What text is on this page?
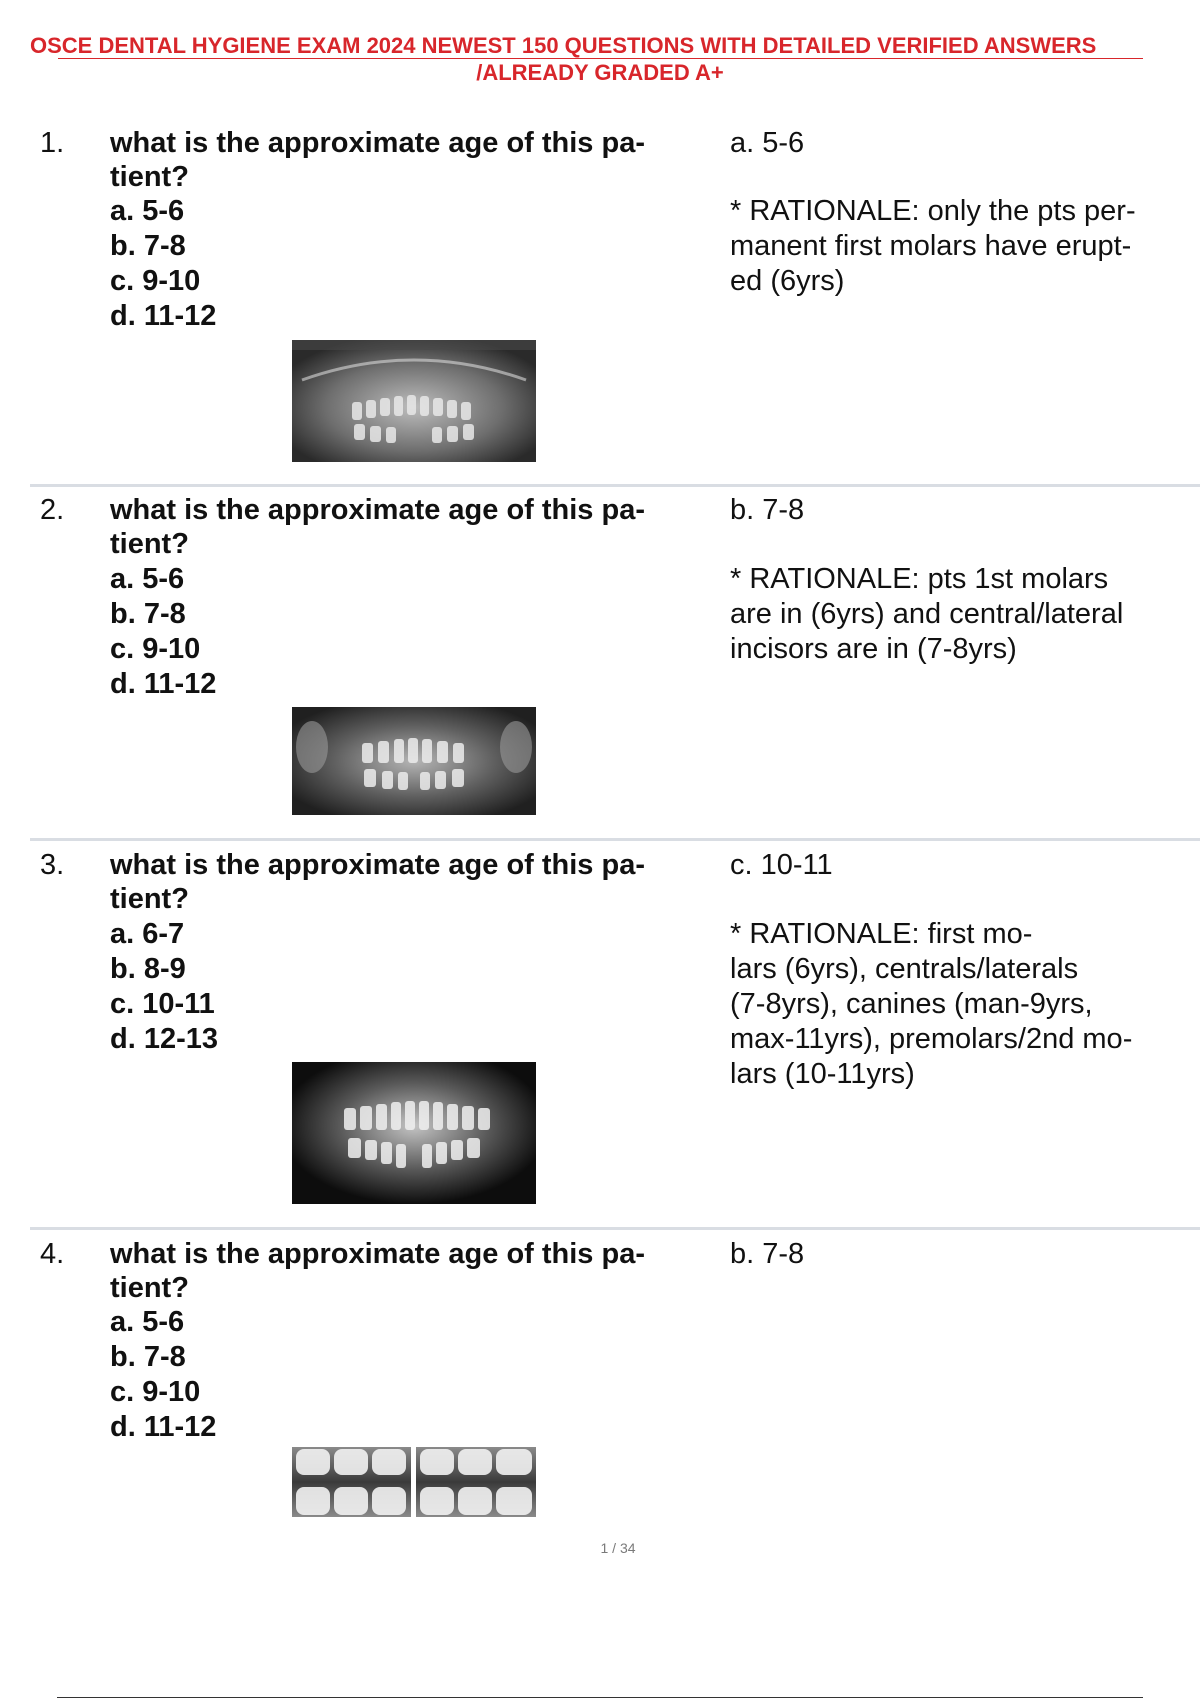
OSCE DENTAL HYGIENE EXAM 2024 NEWEST 150 QUESTIONS WITH DETAILED VERIFIED ANSWERS
/ALREADY GRADED A+
1. what is the approximate age of this pa-
tient?

a. 5-6
b. 7-8
c. 9-10
d. 11-12
a. 5-6

* RATIONALE: only the pts per-
manent first molars have erupt-
ed (6yrs)

2. what is the approximate age of this pa-
tient?

a. 5-6
b. 7-8
c. 9-10
d. 11-12
b. 7-8

* RATIONALE: pts 1st molars
are in (6yrs) and central/lateral
incisors are in (7-8yrs)

3. what is the approximate age of this pa-
tient?

a. 6-7
b. 8-9
c. 10-11
d. 12-13
c. 10-11

* RATIONALE: first mo-
lars (6yrs), centrals/laterals
(7-8yrs), canines (man-9yrs,
max-11yrs), premolars/2nd mo-
lars (10-11yrs)

4. what is the approximate age of this pa-
tient?

a. 5-6
b. 7-8
c. 9-10
d. 11-12
b. 7-8
1 / 34
